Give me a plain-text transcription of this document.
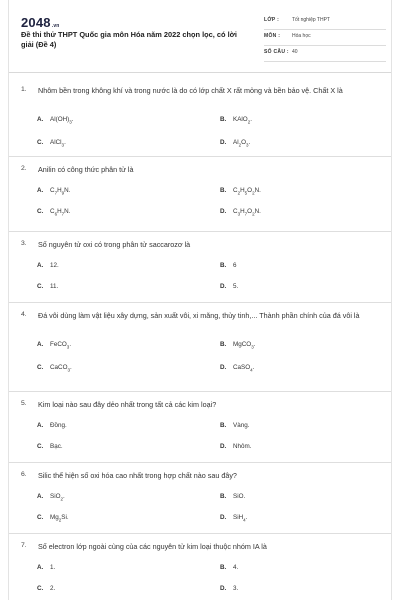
2048.vn
Đề thi thử THPT Quốc gia môn Hóa năm 2022 chọn lọc, có lời giải (Đề 4)
LỚP :	Tốt nghiệp THPT
MÔN : Hóa học
SỐ CÂU : 40
1. Nhôm bền trong không khí và trong nước là do có lớp chất X rất mỏng và bền bảo vệ. Chất X là
A. $Al(OH)_3$.	B. KAlO$_2$.
C. AlCl$_3$.	D. $Al_2O_3$.
2. Anilin có công thức phân tử là
A. $C_7H_9N$.	B. $C_2H_5O_2N$.
C. $C_6H_7N$.	D. $C_3H_7O_2N$.
3. Số nguyên tử oxi có trong phân tử saccarozơ là
A. 12.	B. 6
C. 11.	D. 5.
4. Đá vôi dùng làm vật liệu xây dựng, sản xuất vôi, xi măng, thủy tinh,... Thành phần chính của đá vôi là
A. FeCO$_3$.	B. MgCO$_3$.
C. CaCO$_3$.	D. CaSO$_4$.
5. Kim loại nào sau đây dẻo nhất trong tất cả các kim loại?
A. Đồng.	B. Vàng.
C. Bạc.	D. Nhôm.
6. Silic thể hiện số oxi hóa cao nhất trong hợp chất nào sau đây?
A. SiO$_2$.	B. SiO.
C. $Mg_2Si$.	D. SiH$_4$.
7. Số electron lớp ngoài cùng của các nguyên tử kim loại thuộc nhóm IA là
A. 1.	B. 4.
C. 2.	D. 3.
